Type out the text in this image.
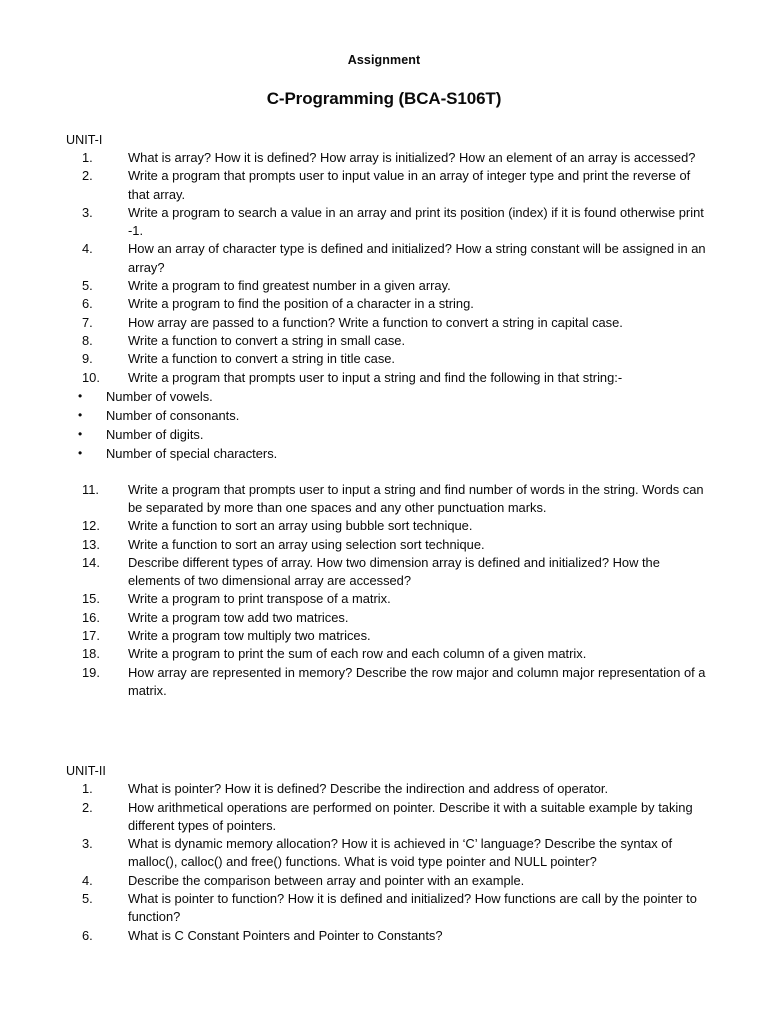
Assignment
C-Programming (BCA-S106T)
UNIT-I
1.	What is array? How it is defined? How array is initialized? How an element of an array is accessed?
2.	Write a program that prompts user to input value in an array of integer type and print the reverse of that array.
3.	Write a program to search a value in an array and print its position (index) if it is found otherwise print -1.
4.	How an array of character type is defined and initialized? How a string constant will be assigned in an array?
5.	Write a program to find greatest number in a given array.
6.	Write a program to find the position of a character in a string.
7.	How array are passed to a function? Write a function to convert a string in capital case.
8.	Write a function to convert a string in small case.
9.	Write a function to convert a string in title case.
10.	Write a program that prompts user to input a string and find the following in that string:-
• Number of vowels.
• Number of consonants.
• Number of digits.
• Number of special characters.
11.	Write a program that prompts user to input a string and find number of words in the string. Words can be separated by more than one spaces and any other punctuation marks.
12.	Write a function to sort an array using bubble sort technique.
13.	Write a function to sort an array using selection sort technique.
14.	Describe different types of array. How two dimension array is defined and initialized? How the elements of two dimensional array are accessed?
15.	Write a program to print transpose of a matrix.
16.	Write a program tow add two matrices.
17.	Write a program tow multiply two matrices.
18.	Write a program to print the sum of each row and each column of a given matrix.
19.	How array are represented in memory? Describe the row major and column major representation of a matrix.
UNIT-II
1.	What is pointer? How it is defined? Describe the indirection and address of operator.
2.	How arithmetical operations are performed on pointer. Describe it with a suitable example by taking different types of pointers.
3.	What is dynamic memory allocation? How it is achieved in ‘C’ language? Describe the syntax of malloc(), calloc() and free() functions. What is void type pointer and NULL pointer?
4.	Describe the comparison between array and pointer with an example.
5.	What is pointer to function? How it is defined and initialized? How functions are call by the pointer to function?
6.	What is C Constant Pointers and Pointer to Constants?
